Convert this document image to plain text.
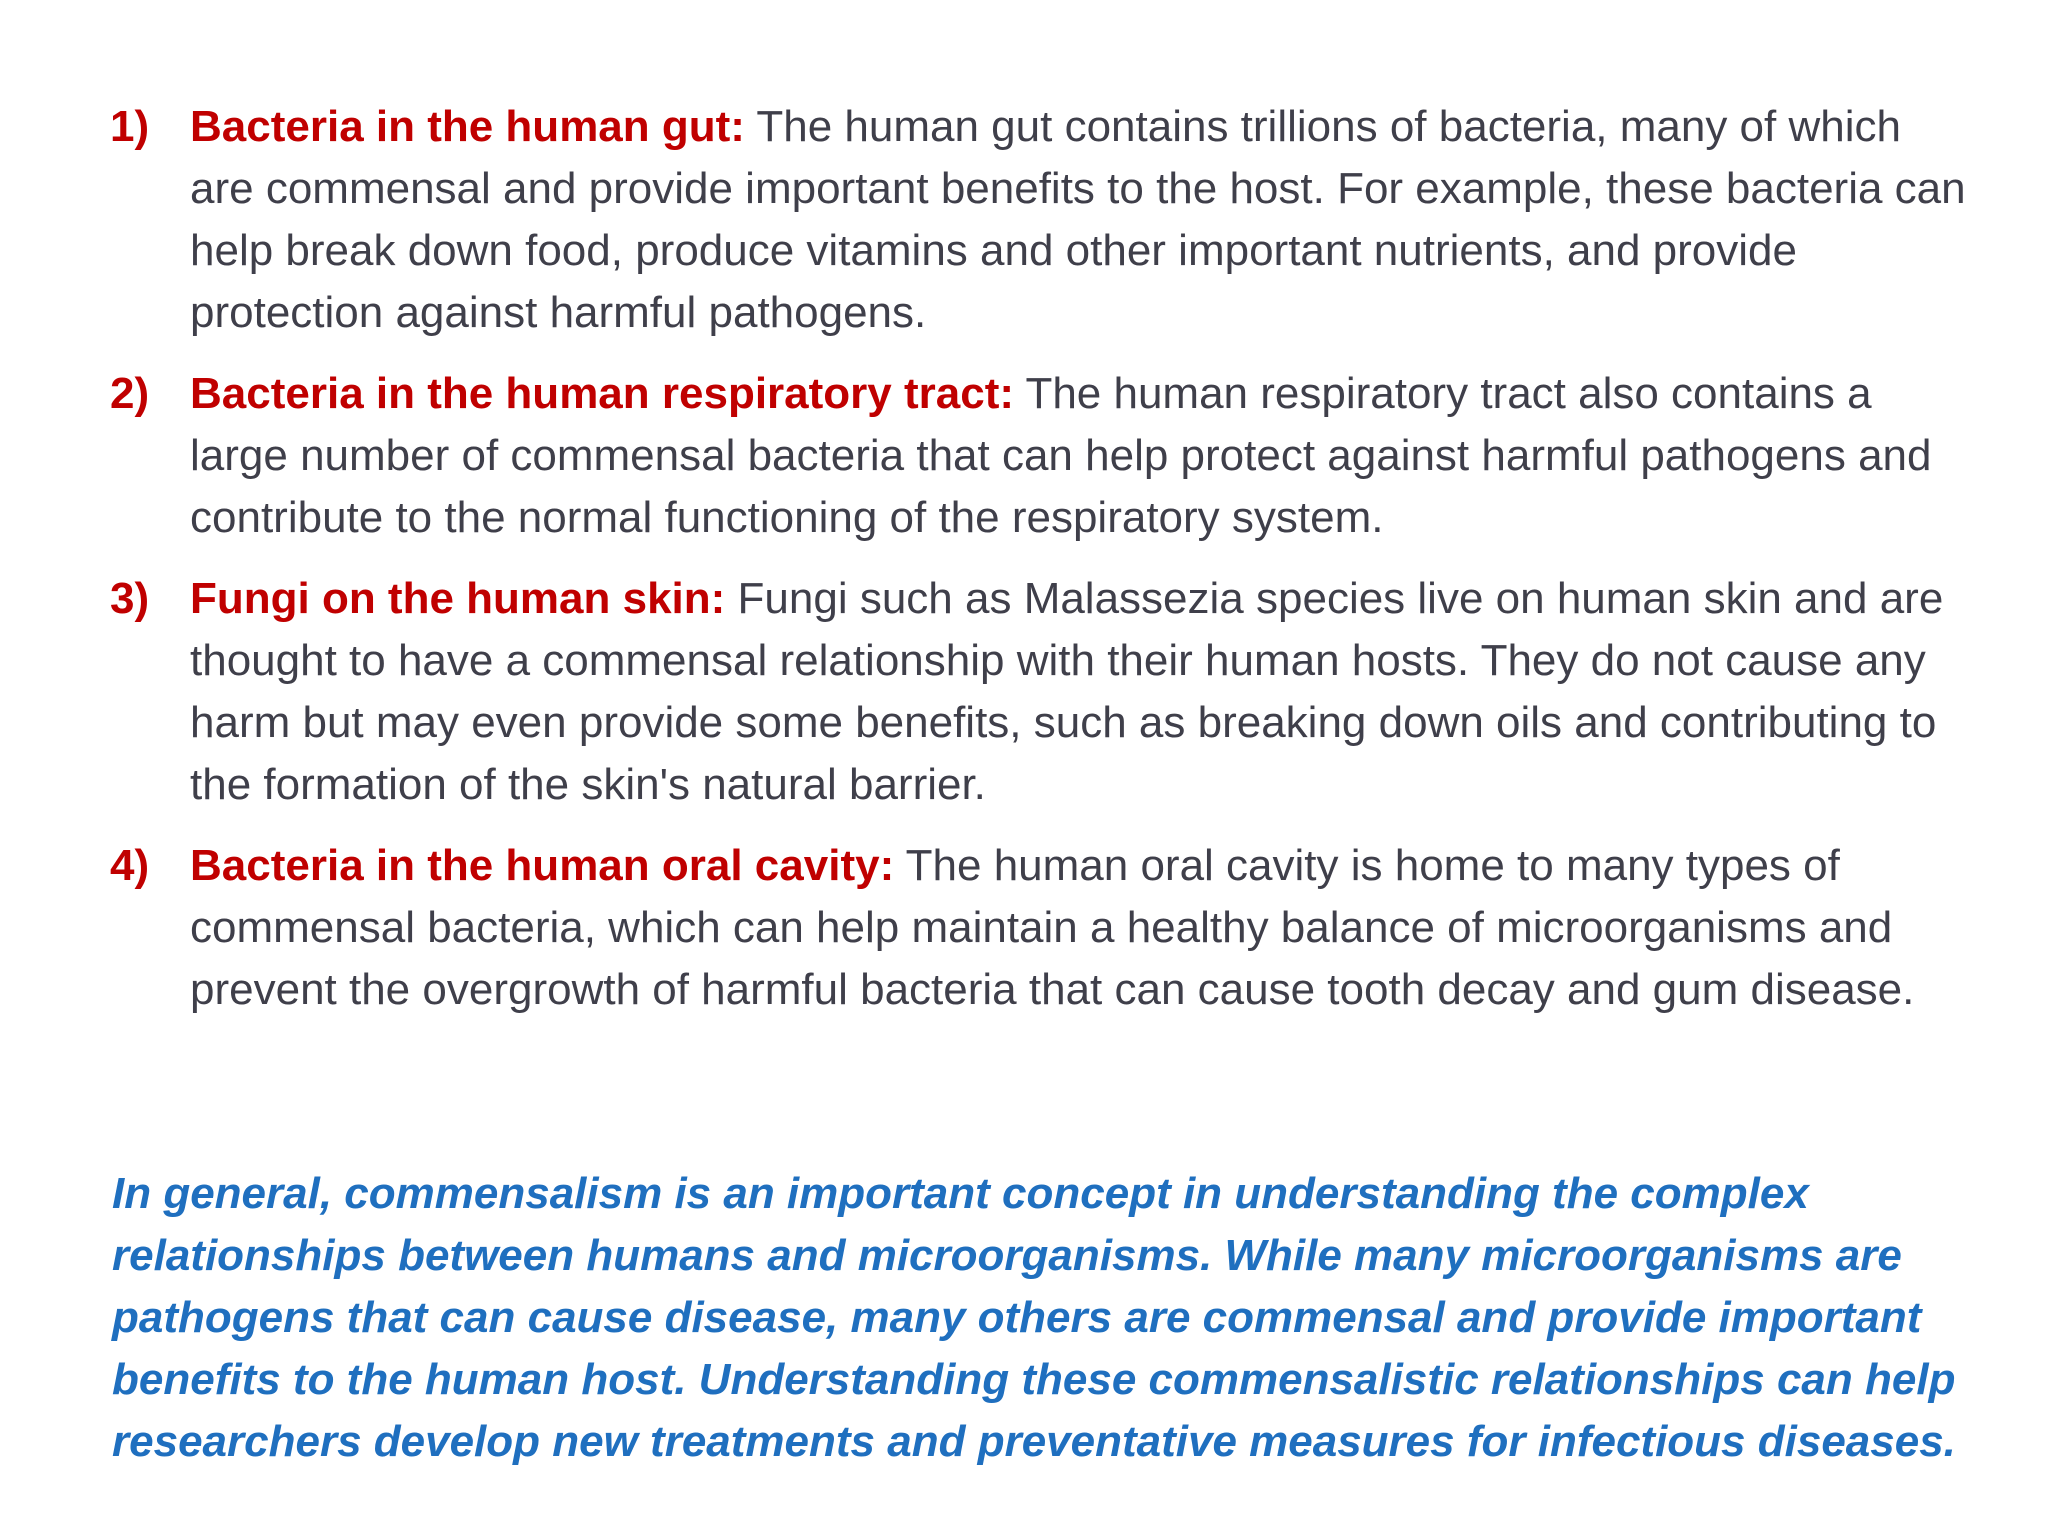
1) Bacteria in the human gut: The human gut contains trillions of bacteria, many of which are commensal and provide important benefits to the host. For example, these bacteria can help break down food, produce vitamins and other important nutrients, and provide protection against harmful pathogens.
2) Bacteria in the human respiratory tract: The human respiratory tract also contains a large number of commensal bacteria that can help protect against harmful pathogens and contribute to the normal functioning of the respiratory system.
3) Fungi on the human skin: Fungi such as Malassezia species live on human skin and are thought to have a commensal relationship with their human hosts. They do not cause any harm but may even provide some benefits, such as breaking down oils and contributing to the formation of the skin's natural barrier.
4) Bacteria in the human oral cavity: The human oral cavity is home to many types of commensal bacteria, which can help maintain a healthy balance of microorganisms and prevent the overgrowth of harmful bacteria that can cause tooth decay and gum disease.

In general, commensalism is an important concept in understanding the complex relationships between humans and microorganisms. While many microorganisms are pathogens that can cause disease, many others are commensal and provide important benefits to the human host. Understanding these commensalistic relationships can help researchers develop new treatments and preventative measures for infectious diseases.
